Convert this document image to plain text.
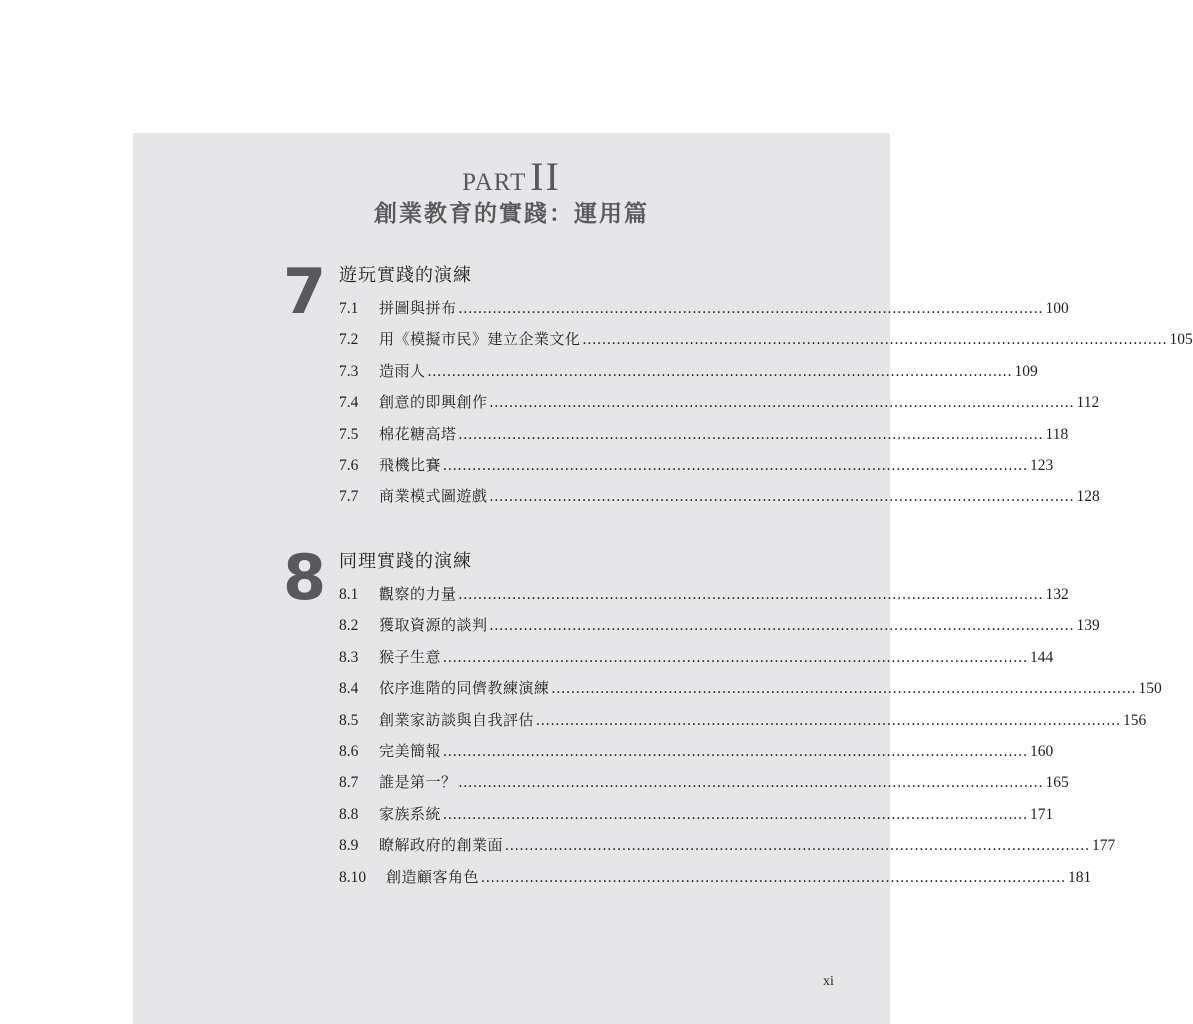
PART II
創業教育的實踐：運用篇
7 遊玩實踐的演練
7.1	拼圖與拼布 ........................................................................................................................ 100
7.2	用《模擬市民》建立企業文化 ........................................................................................................................ 105
7.3	造雨人 ........................................................................................................................ 109
7.4	創意的即興創作 ........................................................................................................................ 112
7.5	棉花糖高塔 ........................................................................................................................ 118
7.6	飛機比賽 ........................................................................................................................ 123
7.7	商業模式圖遊戲 ........................................................................................................................ 128
8 同理實踐的演練
8.1	觀察的力量 ........................................................................................................................ 132
8.2	獲取資源的談判 ........................................................................................................................ 139
8.3	猴子生意 ........................................................................................................................ 144
8.4	依序進階的同儕教練演練 ........................................................................................................................ 150
8.5	創業家訪談與自我評估 ........................................................................................................................ 156
8.6	完美簡報 ........................................................................................................................ 160
8.7	誰是第一？ ........................................................................................................................ 165
8.8	家族系統 ........................................................................................................................ 171
8.9	瞭解政府的創業面 ........................................................................................................................ 177
8.10	創造顧客角色 ........................................................................................................................ 181
xi
